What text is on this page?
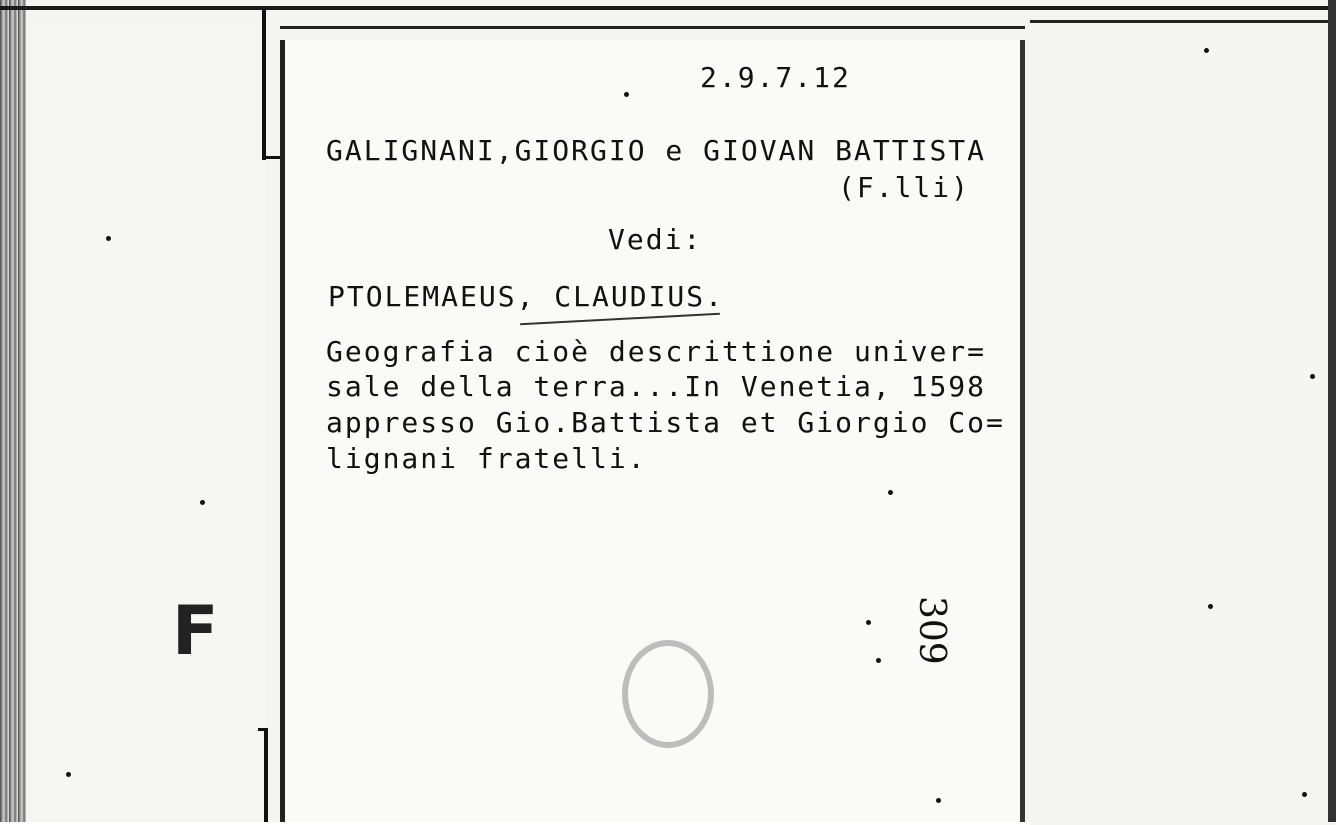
2.9.7.12
GALIGNANI,GIORGIO e GIOVAN BATTISTA
(F.lli)
Vedi:
PTOLEMAEUS, CLAUDIUS.
Geografia cioè descrittione univer=
sale della terra...In Venetia, 1598
appresso Gio.Battista et Giorgio Co=
lignani fratelli.
F	309
